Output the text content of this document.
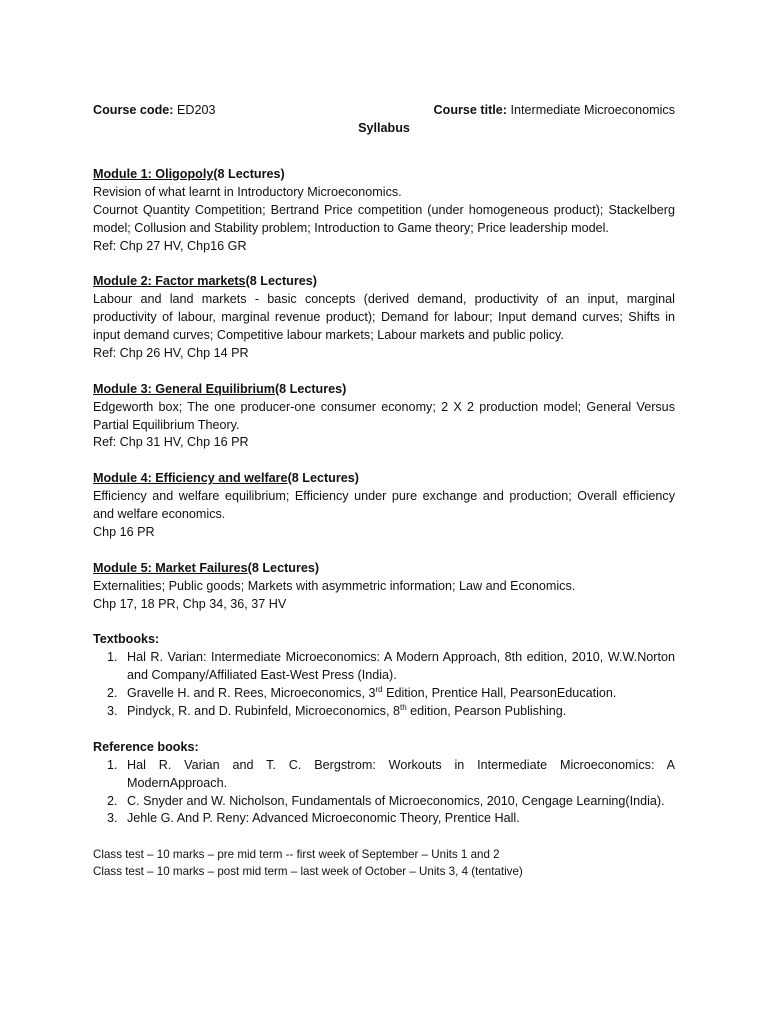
Course code: ED203	Course title: Intermediate Microeconomics
Syllabus
Module 1: Oligopoly(8 Lectures)

Revision of what learnt in Introductory Microeconomics.

Cournot Quantity Competition; Bertrand Price competition (under homogeneous product); Stackelberg model; Collusion and Stability problem; Introduction to Game theory; Price leadership model.

Ref: Chp 27 HV, Chp16 GR

Module 2: Factor markets(8 Lectures)

Labour and land markets - basic concepts (derived demand, productivity of an input, marginal productivity of labour, marginal revenue product); Demand for labour; Input demand curves; Shifts in input demand curves; Competitive labour markets; Labour markets and public policy.

Ref: Chp 26 HV, Chp 14 PR

Module 3: General Equilibrium(8 Lectures)

Edgeworth box; The one producer-one consumer economy; 2 X 2 production model; General Versus Partial Equilibrium Theory.

Ref: Chp 31 HV, Chp 16 PR

Module 4: Efficiency and welfare(8 Lectures)

Efficiency and welfare equilibrium; Efficiency under pure exchange and production; Overall efficiency and welfare economics.

Chp 16 PR

Module 5: Market Failures(8 Lectures)

Externalities; Public goods; Markets with asymmetric information; Law and Economics.

Chp 17, 18 PR, Chp 34, 36, 37 HV

Textbooks:
1. Hal R. Varian: Intermediate Microeconomics: A Modern Approach, 8th edition, 2010, W.W.Norton and Company/Affiliated East-West Press (India).
2. Gravelle H. and R. Rees, Microeconomics, 3rd Edition, Prentice Hall, PearsonEducation.
3. Pindyck, R. and D. Rubinfeld, Microeconomics, 8th edition, Pearson Publishing.
Reference books:
1. Hal R. Varian and T. C. Bergstrom: Workouts in Intermediate Microeconomics: A ModernApproach.
2. C. Snyder and W. Nicholson, Fundamentals of Microeconomics, 2010, Cengage Learning(India).
3. Jehle G. And P. Reny: Advanced Microeconomic Theory, Prentice Hall.
Class test – 10 marks – pre mid term -- first week of September – Units 1 and 2
Class test – 10 marks – post mid term – last week of October – Units 3, 4 (tentative)
